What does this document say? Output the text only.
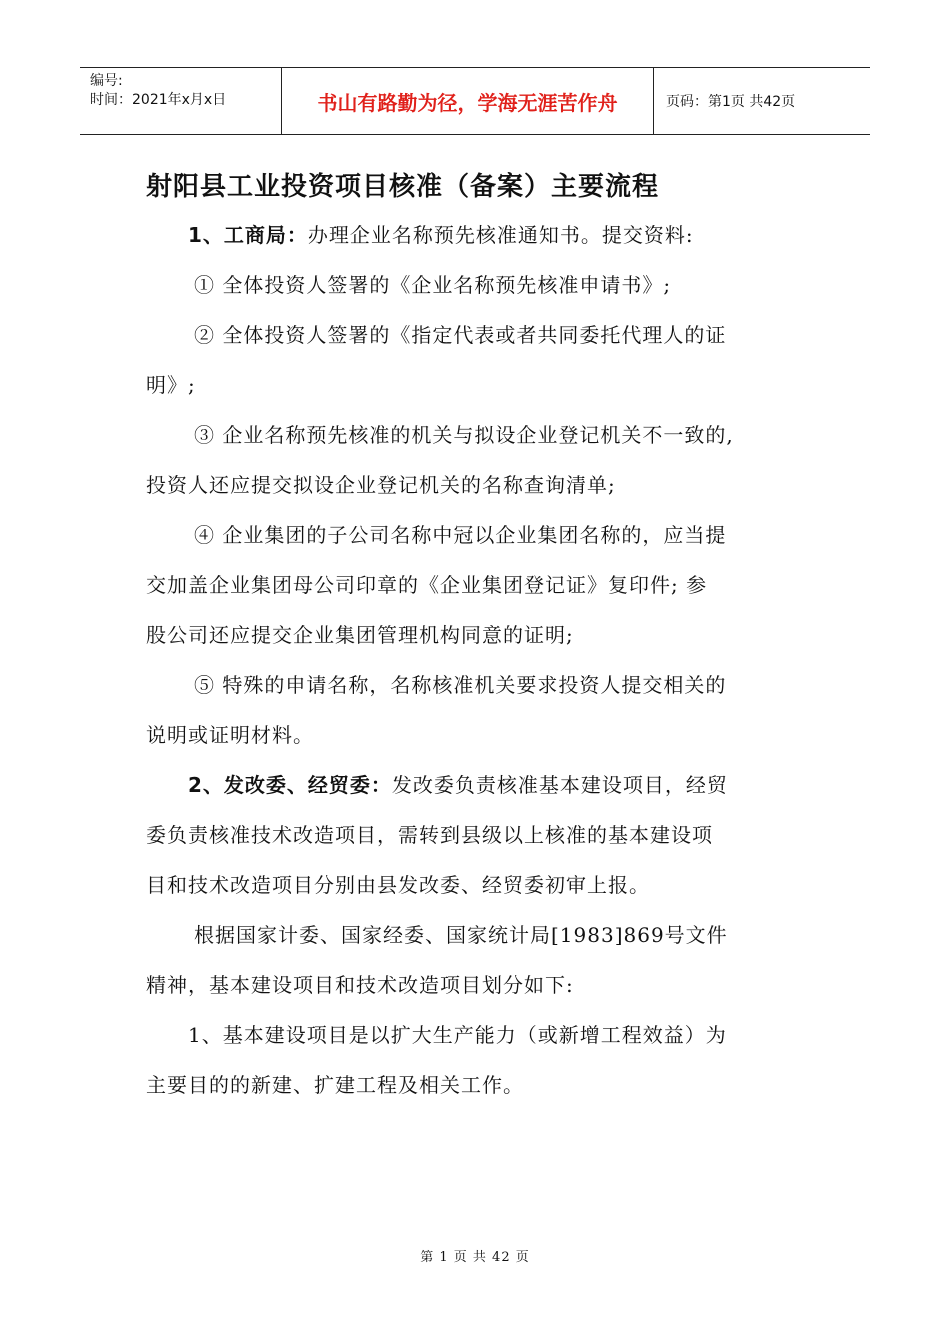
编号:
时间：2021年x月x日	书山有路勤为径，学海无涯苦作舟	页码：第1页 共42页
射阳县工业投资项目核准（备案）主要流程
1、工商局：办理企业名称预先核准通知书。提交资料:
① 全体投资人签署的《企业名称预先核准申请书》;
② 全体投资人签署的《指定代表或者共同委托代理人的证
明》;
③ 企业名称预先核准的机关与拟设企业登记机关不一致的,
投资人还应提交拟设企业登记机关的名称查询清单;
④ 企业集团的子公司名称中冠以企业集团名称的，应当提
交加盖企业集团母公司印章的《企业集团登记证》复印件; 参
股公司还应提交企业集团管理机构同意的证明;
⑤ 特殊的申请名称，名称核准机关要求投资人提交相关的
说明或证明材料。
2、发改委、经贸委：发改委负责核准基本建设项目，经贸
委负责核准技术改造项目，需转到县级以上核准的基本建设项
目和技术改造项目分别由县发改委、经贸委初审上报。
根据国家计委、国家经委、国家统计局[1983]869号文件
精神，基本建设项目和技术改造项目划分如下:
1、基本建设项目是以扩大生产能力（或新增工程效益）为
主要目的的新建、扩建工程及相关工作。
第 1 页 共 42 页
